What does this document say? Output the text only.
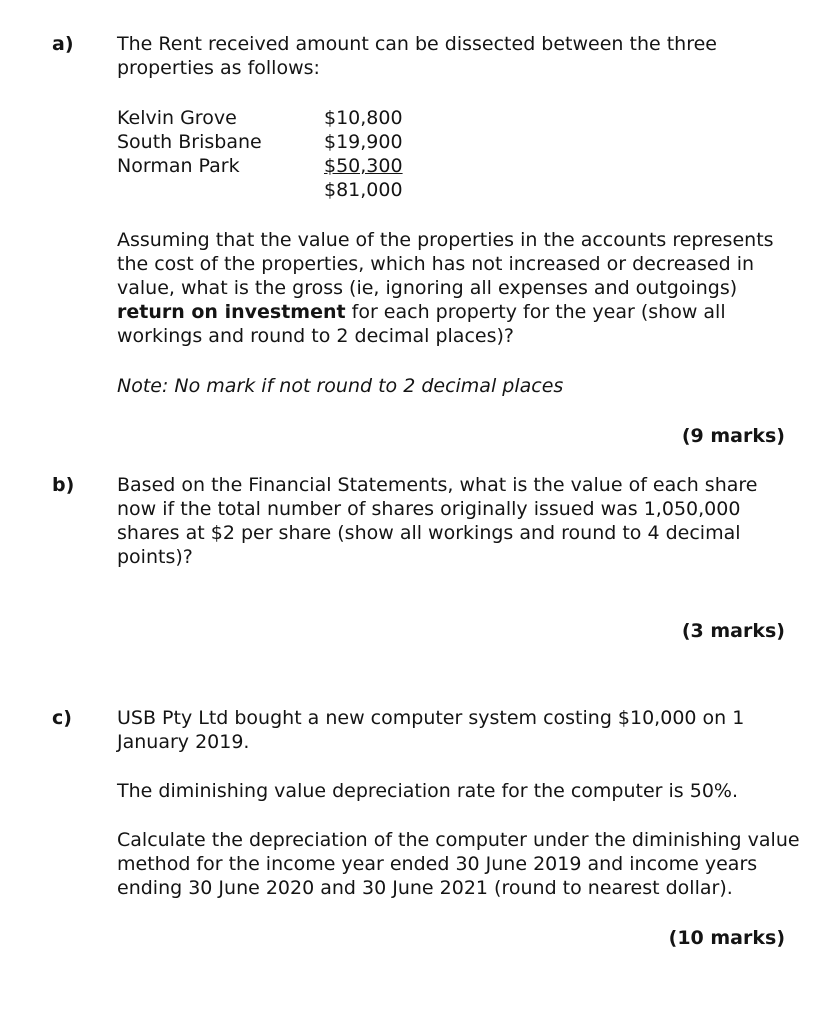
a) The Rent received amount can be dissected between the three properties as follows:
Kelvin Grove	$10,800
South Brisbane	$19,900
Norman Park	$50,300
$81,000
Assuming that the value of the properties in the accounts represents the cost of the properties, which has not increased or decreased in value, what is the gross (ie, ignoring all expenses and outgoings) return on investment for each property for the year (show all workings and round to 2 decimal places)?
Note: No mark if not round to 2 decimal places
(9 marks)
b) Based on the Financial Statements, what is the value of each share now if the total number of shares originally issued was 1,050,000 shares at $2 per share (show all workings and round to 4 decimal points)?
(3 marks)
c) USB Pty Ltd bought a new computer system costing $10,000 on 1 January 2019.
The diminishing value depreciation rate for the computer is 50%.
Calculate the depreciation of the computer under the diminishing value method for the income year ended 30 June 2019 and income years ending 30 June 2020 and 30 June 2021 (round to nearest dollar).
(10 marks)
